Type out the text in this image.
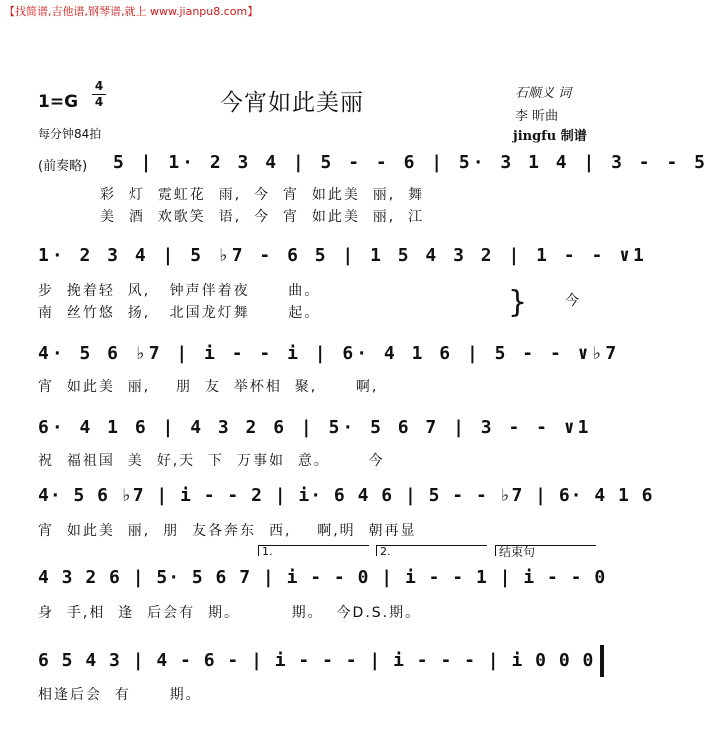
【找简谱,吉他谱,钢琴谱,就上 www.jianpu8.com】
今宵如此美丽
1=G
4
4
每分钟84拍
石顺义 词
李 昕曲
jingfu 制谱
(前奏略) 5 | 1· 2 3 4 | 5 - - 6 | 5· 3 1 4 | 3 - - 5
彩  灯  霓虹花  雨,  今  宵  如此美  丽,  舞
美  酒  欢歌笑  语,  今  宵  如此美  丽,  江
1· 2 3 4 | 5 ♭7 - 6 5 | 1 5 4 3 2 | 1 - - ∨1
步  挽着轻  风,   钟声伴着夜      曲。
南  丝竹悠  扬,   北国龙灯舞      起。	}	今
4· 5 6 ♭7 | i - - i | 6· 4 1 6 | 5 - - ∨♭7
宵  如此美  丽,    朋  友  举杯相  聚,      啊,
6· 4 1 6 | 4 3 2 6 | 5· 5 6 7 | 3 - - ∨1
祝  福祖国  美  好,天  下  万事如  意。      今
4· 5 6 ♭7 | i - - 2 | i· 6 4 6 | 5 - - ♭7 | 6· 4 1 6
宵  如此美  丽,  朋  友各奔东  西,    啊,明  朝再显
1.	2.	结束句
4 3 2 6 | 5· 5 6 7 | i - - 0 | i - - 1 | i - - 0
身  手,相  逢  后会有  期。        期。  今D.S.期。
6 5 4 3 | 4 - 6 - | i - - - | i - - - | i 0 0 0
相逢后会  有      期。
